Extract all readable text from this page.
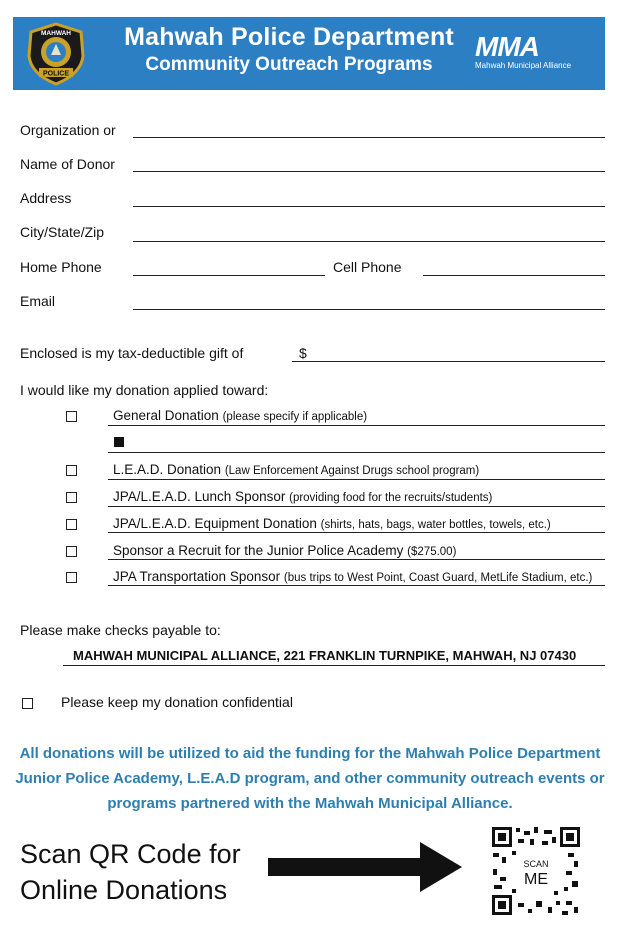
MAHWAH
POLICE
Mahwah Police Department
Community Outreach Programs
MMA
Mahwah Municipal Alliance
Organization or
Name of Donor
Address
City/State/Zip
Home Phone	Cell Phone
Email
Enclosed is my tax-deductible gift of	$
I would like my donation applied toward:
General Donation (please specify if applicable)
L.E.A.D. Donation (Law Enforcement Against Drugs school program)
JPA/L.E.A.D. Lunch Sponsor (providing food for the recruits/students)
JPA/L.E.A.D. Equipment Donation (shirts, hats, bags, water bottles, towels, etc.)
Sponsor a Recruit for the Junior Police Academy ($275.00)
JPA Transportation Sponsor (bus trips to West Point, Coast Guard, MetLife Stadium, etc.)
Please make checks payable to:
MAHWAH MUNICIPAL ALLIANCE, 221 FRANKLIN TURNPIKE, MAHWAH, NJ 07430
Please keep my donation confidential
All donations will be utilized to aid the funding for the Mahwah Police Department Junior Police Academy, L.E.A.D program, and other community outreach events or programs partnered with the Mahwah Municipal Alliance.
Scan QR Code for
Online Donations
SCAN
ME
